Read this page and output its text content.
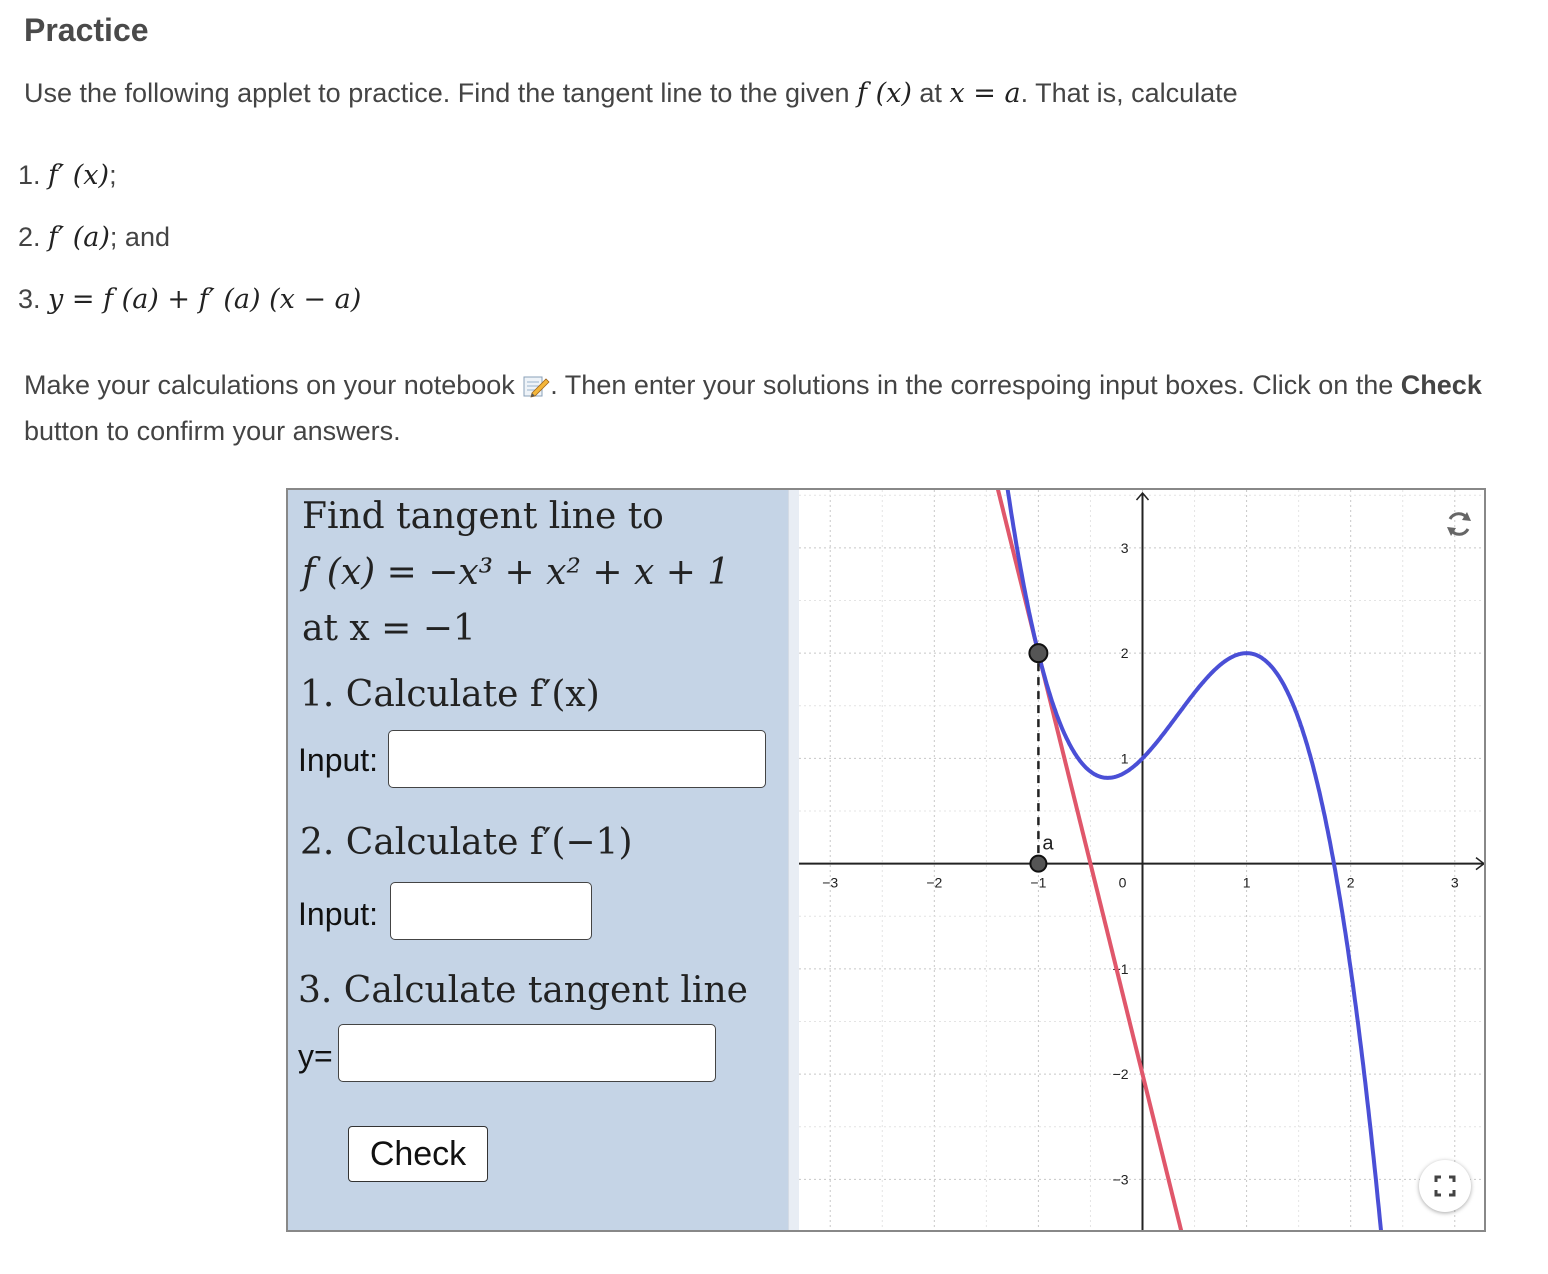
Practice
Use the following applet to practice. Find the tangent line to the given f (x) at x = a. That is, calculate
1. f′ (x);
2. f′ (a); and
3. y = f (a) + f′ (a) (x − a)
Make your calculations on your notebook . Then enter your solutions in the correspoing input boxes. Click on the Check button to confirm your answers.
Find tangent line to
f (x) = −x³ + x² + x + 1
at x = −1
1. Calculate f′(x)
Input:
2. Calculate f′(−1)
Input:
3. Calculate tangent line
y=
Check
−3	−2	−1	0	1	2	3
3
2
1
−1
−2
−3
a
